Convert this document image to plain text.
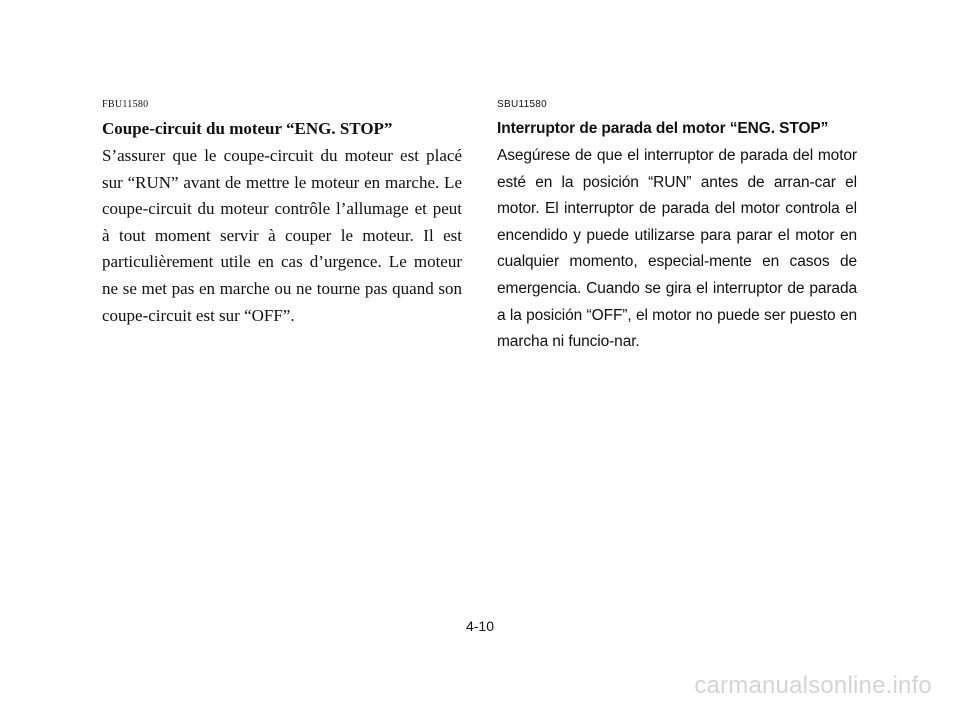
FBU11580
Coupe-circuit du moteur “ENG. STOP”

S’assurer que le coupe-circuit du moteur est placé sur “RUN” avant de mettre le moteur en marche. Le coupe-circuit du moteur contrôle l’allumage et peut à tout moment servir à couper le moteur. Il est particulièrement utile en cas d’urgence. Le moteur ne se met pas en marche ou ne tourne pas quand son coupe-circuit est sur “OFF”.

SBU11580
Interruptor de parada del motor “ENG. STOP”

Asegúrese de que el interruptor de parada del motor esté en la posición “RUN” antes de arran-car el motor. El interruptor de parada del motor controla el encendido y puede utilizarse para parar el motor en cualquier momento, especial-mente en casos de emergencia. Cuando se gira el interruptor de parada a la posición “OFF”, el motor no puede ser puesto en marcha ni funcio-nar.

4-10
carmanualsonline.info
